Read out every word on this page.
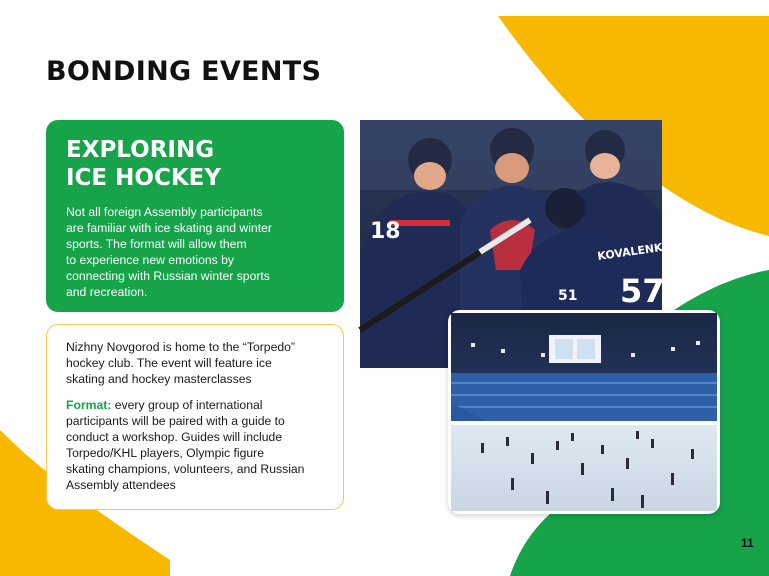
BONDING EVENTS
EXPLORING
ICE HOCKEY
Not all foreign Assembly participants
are familiar with ice skating and winter
sports. The format will allow them
to experience new emotions by
connecting with Russian winter sports
and recreation.
Nizhny Novgorod is home to the “Torpedo”
hockey club. The event will feature ice
skating and hockey masterclasses
Format: every group of international
participants will be paired with a guide to
conduct a workshop. Guides will include
Torpedo/KHL players, Olympic figure
skating champions, volunteers, and Russian
Assembly attendees
KOVALENKO
57
51
18
11
